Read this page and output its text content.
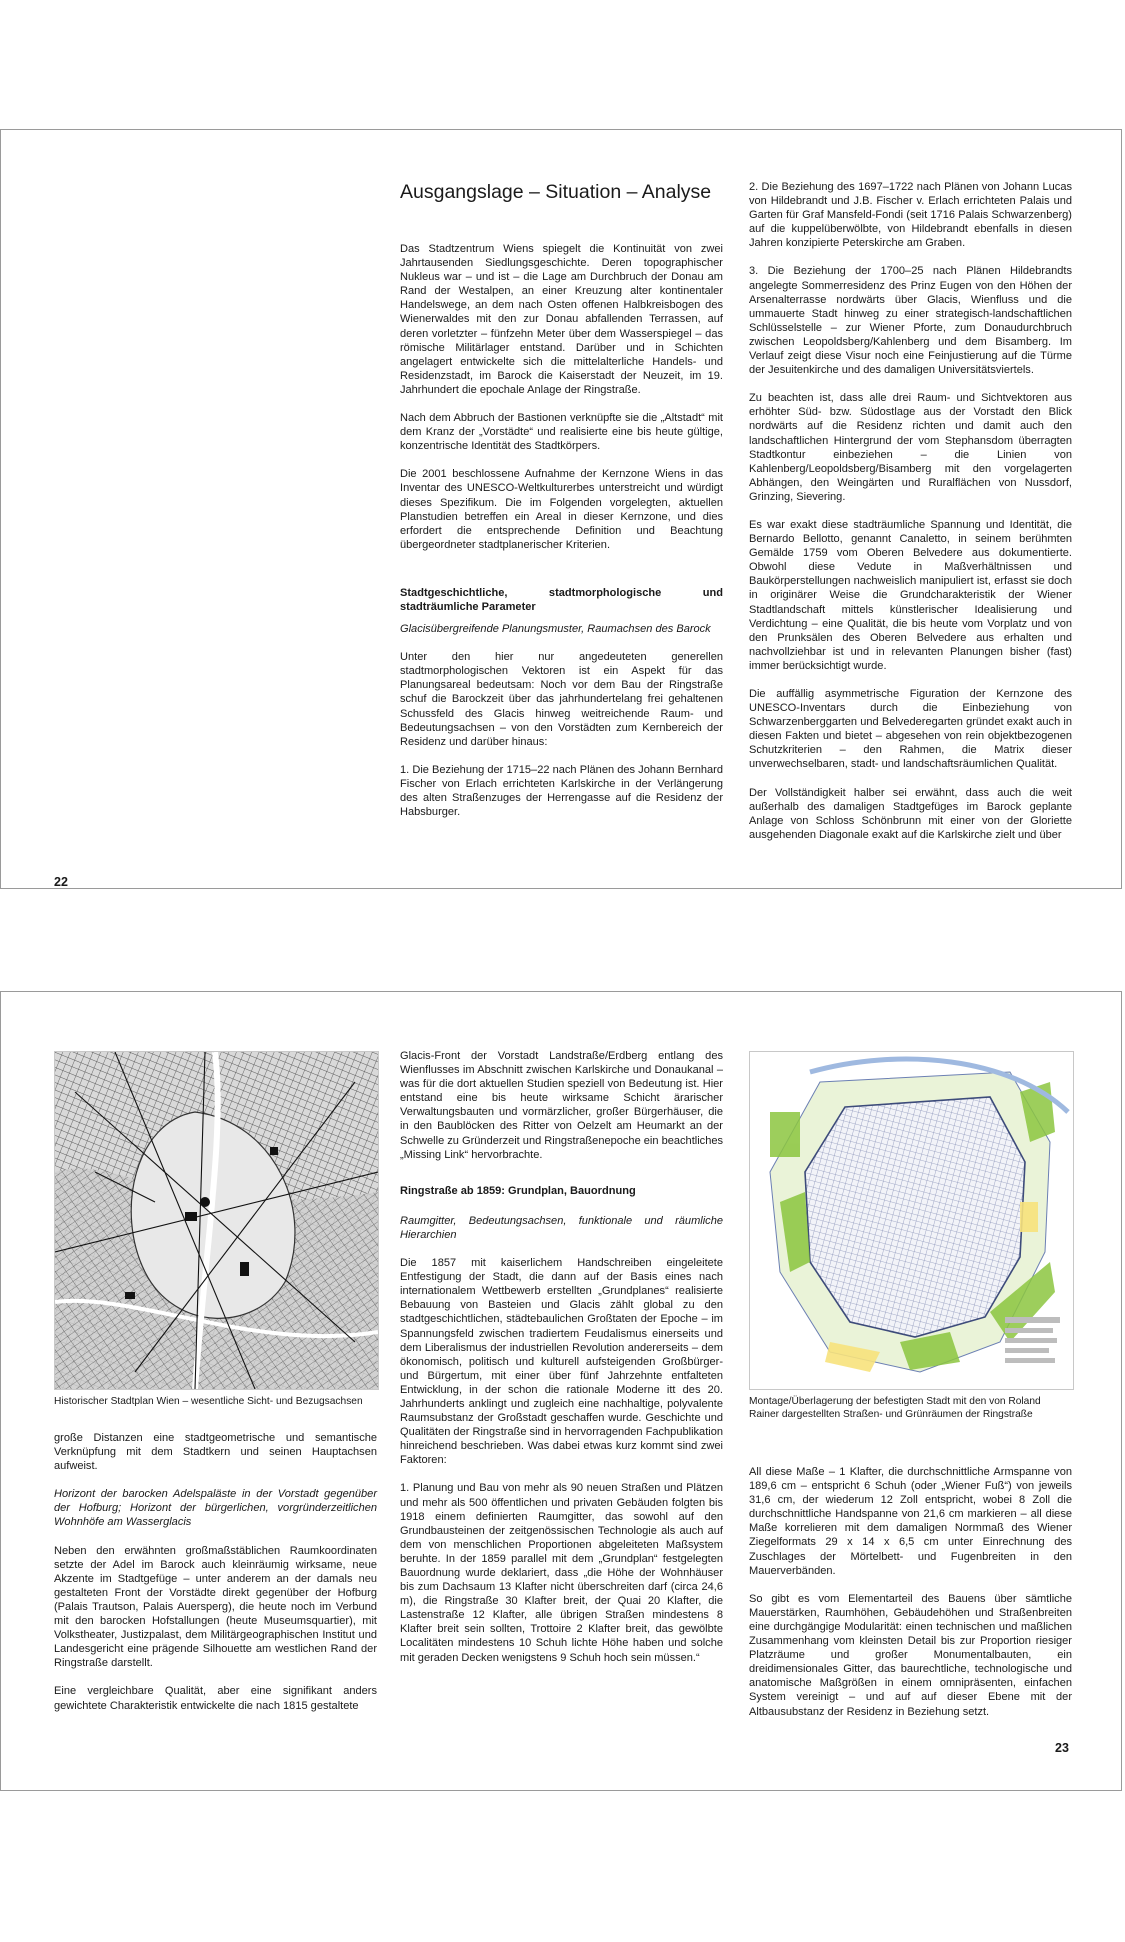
Ausgangslage – Situation – Analyse

Das Stadtzentrum Wiens spiegelt die Kontinuität von zwei Jahrtausenden Siedlungsgeschichte. Deren topographischer Nukleus war – und ist – die Lage am Durchbruch der Donau am Rand der Westalpen, an einer Kreuzung alter kontinentaler Handelswege, an dem nach Osten offenen Halbkreisbogen des Wienerwaldes mit den zur Donau abfallenden Terrassen, auf deren vorletzter – fünfzehn Meter über dem Wasserspiegel – das römische Militärlager entstand. Darüber und in Schichten angelagert entwickelte sich die mittelalterliche Handels- und Residenzstadt, im Barock die Kaiserstadt der Neuzeit, im 19. Jahrhundert die epochale Anlage der Ringstraße.

Nach dem Abbruch der Bastionen verknüpfte sie die „Altstadt“ mit dem Kranz der „Vorstädte“ und realisierte eine bis heute gültige, konzentrische Identität des Stadtkörpers.

Die 2001 beschlossene Aufnahme der Kernzone Wiens in das Inventar des UNESCO-Weltkulturerbes unterstreicht und würdigt dieses Spezifikum. Die im Folgenden vorgelegten, aktuellen Planstudien betreffen ein Areal in dieser Kernzone, und dies erfordert die entsprechende Definition und Beachtung übergeordneter stadtplanerischer Kriterien.

Stadtgeschichtliche, stadtmorphologische und stadträumliche Parameter

Glacisübergreifende Planungsmuster, Raumachsen des Barock

Unter den hier nur angedeuteten generellen stadtmorphologischen Vektoren ist ein Aspekt für das Planungsareal bedeutsam: Noch vor dem Bau der Ringstraße schuf die Barockzeit über das jahrhundertelang frei gehaltenen Schussfeld des Glacis hinweg weitreichende Raum- und Bedeutungsachsen – von den Vorstädten zum Kernbereich der Residenz und darüber hinaus:

1. Die Beziehung der 1715–22 nach Plänen des Johann Bernhard Fischer von Erlach errichteten Karlskirche in der Verlängerung des alten Straßenzuges der Herrengasse auf die Residenz der Habsburger.

2. Die Beziehung des 1697–1722 nach Plänen von Johann Lucas von Hildebrandt und J.B. Fischer v. Erlach errichteten Palais und Garten für Graf Mansfeld-Fondi (seit 1716 Palais Schwarzenberg) auf die kuppelüberwölbte, von Hildebrandt ebenfalls in diesen Jahren konzipierte Peterskirche am Graben.

3. Die Beziehung der 1700–25 nach Plänen Hildebrandts angelegte Sommerresidenz des Prinz Eugen von den Höhen der Arsenalterrasse nordwärts über Glacis, Wienfluss und die ummauerte Stadt hinweg zu einer strategisch-landschaftlichen Schlüsselstelle – zur Wiener Pforte, zum Donaudurchbruch zwischen Leopoldsberg/Kahlenberg und dem Bisamberg. Im Verlauf zeigt diese Visur noch eine Feinjustierung auf die Türme der Jesuitenkirche und des damaligen Universitätsviertels.

Zu beachten ist, dass alle drei Raum- und Sichtvektoren aus erhöhter Süd- bzw. Südostlage aus der Vorstadt den Blick nordwärts auf die Residenz richten und damit auch den landschaftlichen Hintergrund der vom Stephansdom überragten Stadtkontur einbeziehen – die Linien von Kahlenberg/Leopoldsberg/Bisamberg mit den vorgelagerten Abhängen, den Weingärten und Ruralflächen von Nussdorf, Grinzing, Sievering.

Es war exakt diese stadträumliche Spannung und Identität, die Bernardo Bellotto, genannt Canaletto, in seinem berühmten Gemälde 1759 vom Oberen Belvedere aus dokumentierte. Obwohl diese Vedute in Maßverhältnissen und Baukörperstellungen nachweislich manipuliert ist, erfasst sie doch in originärer Weise die Grundcharakteristik der Wiener Stadtlandschaft mittels künstlerischer Idealisierung und Verdichtung – eine Qualität, die bis heute vom Vorplatz und von den Prunksälen des Oberen Belvedere aus erhalten und nachvollziehbar ist und in relevanten Planungen bisher (fast) immer berücksichtigt wurde.

Die auffällig asymmetrische Figuration der Kernzone des UNESCO-Inventars durch die Einbeziehung von Schwarzenberggarten und Belvederegarten gründet exakt auch in diesen Fakten und bietet – abgesehen von rein objektbezogenen Schutzkriterien – den Rahmen, die Matrix dieser unverwechselbaren, stadt- und landschaftsräumlichen Qualität.

Der Vollständigkeit halber sei erwähnt, dass auch die weit außerhalb des damaligen Stadtgefüges im Barock geplante Anlage von Schloss Schönbrunn mit einer von der Gloriette ausgehenden Diagonale exakt auf die Karlskirche zielt und über

22
Historischer Stadtplan Wien – wesentliche Sicht- und Bezugsachsen

große Distanzen eine stadtgeometrische und semantische Verknüpfung mit dem Stadtkern und seinen Hauptachsen aufweist.

Horizont der barocken Adelspaläste in der Vorstadt gegenüber der Hofburg; Horizont der bürgerlichen, vorgründerzeitlichen Wohnhöfe am Wasserglacis

Neben den erwähnten großmaßstäblichen Raumkoordinaten setzte der Adel im Barock auch kleinräumig wirksame, neue Akzente im Stadtgefüge – unter anderem an der damals neu gestalteten Front der Vorstädte direkt gegenüber der Hofburg (Palais Trautson, Palais Auersperg), die heute noch im Verbund mit den barocken Hofstallungen (heute Museumsquartier), mit Volkstheater, Justizpalast, dem Militärgeographischen Institut und Landesgericht eine prägende Silhouette am westlichen Rand der Ringstraße darstellt.

Eine vergleichbare Qualität, aber eine signifikant anders gewichtete Charakteristik entwickelte die nach 1815 gestaltete

Glacis-Front der Vorstadt Landstraße/Erdberg entlang des Wienflusses im Abschnitt zwischen Karlskirche und Donaukanal – was für die dort aktuellen Studien speziell von Bedeutung ist. Hier entstand eine bis heute wirksame Schicht ärarischer Verwaltungsbauten und vormärzlicher, großer Bürgerhäuser, die in den Baublöcken des Ritter von Oelzelt am Heumarkt an der Schwelle zu Gründerzeit und Ringstraßenepoche ein beachtliches „Missing Link“ hervorbrachte.

Ringstraße ab 1859: Grundplan, Bauordnung

Raumgitter, Bedeutungsachsen, funktionale und räumliche Hierarchien

Die 1857 mit kaiserlichem Handschreiben eingeleitete Entfestigung der Stadt, die dann auf der Basis eines nach internationalem Wettbewerb erstellten „Grundplanes“ realisierte Bebauung von Basteien und Glacis zählt global zu den stadtgeschichtlichen, städtebaulichen Großtaten der Epoche – im Spannungsfeld zwischen tradiertem Feudalismus einerseits und dem Liberalismus der industriellen Revolution andererseits – dem ökonomisch, politisch und kulturell aufsteigenden Großbürger- und Bürgertum, mit einer über fünf Jahrzehnte entfalteten Entwicklung, in der schon die rationale Moderne itt des 20. Jahrhunderts anklingt und zugleich eine nachhaltige, polyvalente Raumsubstanz der Großstadt geschaffen wurde. Geschichte und Qualitäten der Ringstraße sind in hervorragenden Fachpublikation hinreichend beschrieben. Was dabei etwas kurz kommt sind zwei Faktoren:

1. Planung und Bau von mehr als 90 neuen Straßen und Plätzen und mehr als 500 öffentlichen und privaten Gebäuden folgten bis 1918 einem definierten Raumgitter, das sowohl auf den Grundbausteinen der zeitgenössischen Technologie als auch auf dem von menschlichen Proportionen abgeleiteten Maßsystem beruhte. In der 1859 parallel mit dem „Grundplan“ festgelegten Bauordnung wurde deklariert, dass „die Höhe der Wohnhäuser bis zum Dachsaum 13 Klafter nicht überschreiten darf (circa 24,6 m), die Ringstraße 30 Klafter breit, der Quai 20 Klafter, die Lastenstraße 12 Klafter, alle übrigen Straßen mindestens 8 Klafter breit sein sollten, Trottoire 2 Klafter breit, das gewölbte Localitäten mindestens 10 Schuh lichte Höhe haben und solche mit geraden Decken wenigstens 9 Schuh hoch sein müssen.“

Montage/Überlagerung der befestigten Stadt mit den von Roland Rainer dargestellten Straßen- und Grünräumen der Ringstraße

All diese Maße – 1 Klafter, die durchschnittliche Armspanne von 189,6 cm – entspricht 6 Schuh (oder „Wiener Fuß“) von jeweils 31,6 cm, der wiederum 12 Zoll entspricht, wobei 8 Zoll die durchschnittliche Handspanne von 21,6 cm markieren – all diese Maße korrelieren mit dem damaligen Normmaß des Wiener Ziegelformats 29 x 14 x 6,5 cm unter Einrechnung des Zuschlages der Mörtelbett- und Fugenbreiten in den Mauerverbänden.

So gibt es vom Elementarteil des Bauens über sämtliche Mauerstärken, Raumhöhen, Gebäudehöhen und Straßenbreiten eine durchgängige Modularität: einen technischen und maßlichen Zusammenhang vom kleinsten Detail bis zur Proportion riesiger Platzräume und großer Monumentalbauten, ein dreidimensionales Gitter, das baurechtliche, technologische und anatomische Maßgrößen in einem omnipräsenten, einfachen System vereinigt – und auf auf dieser Ebene mit der Altbausubstanz der Residenz in Beziehung setzt.

23
